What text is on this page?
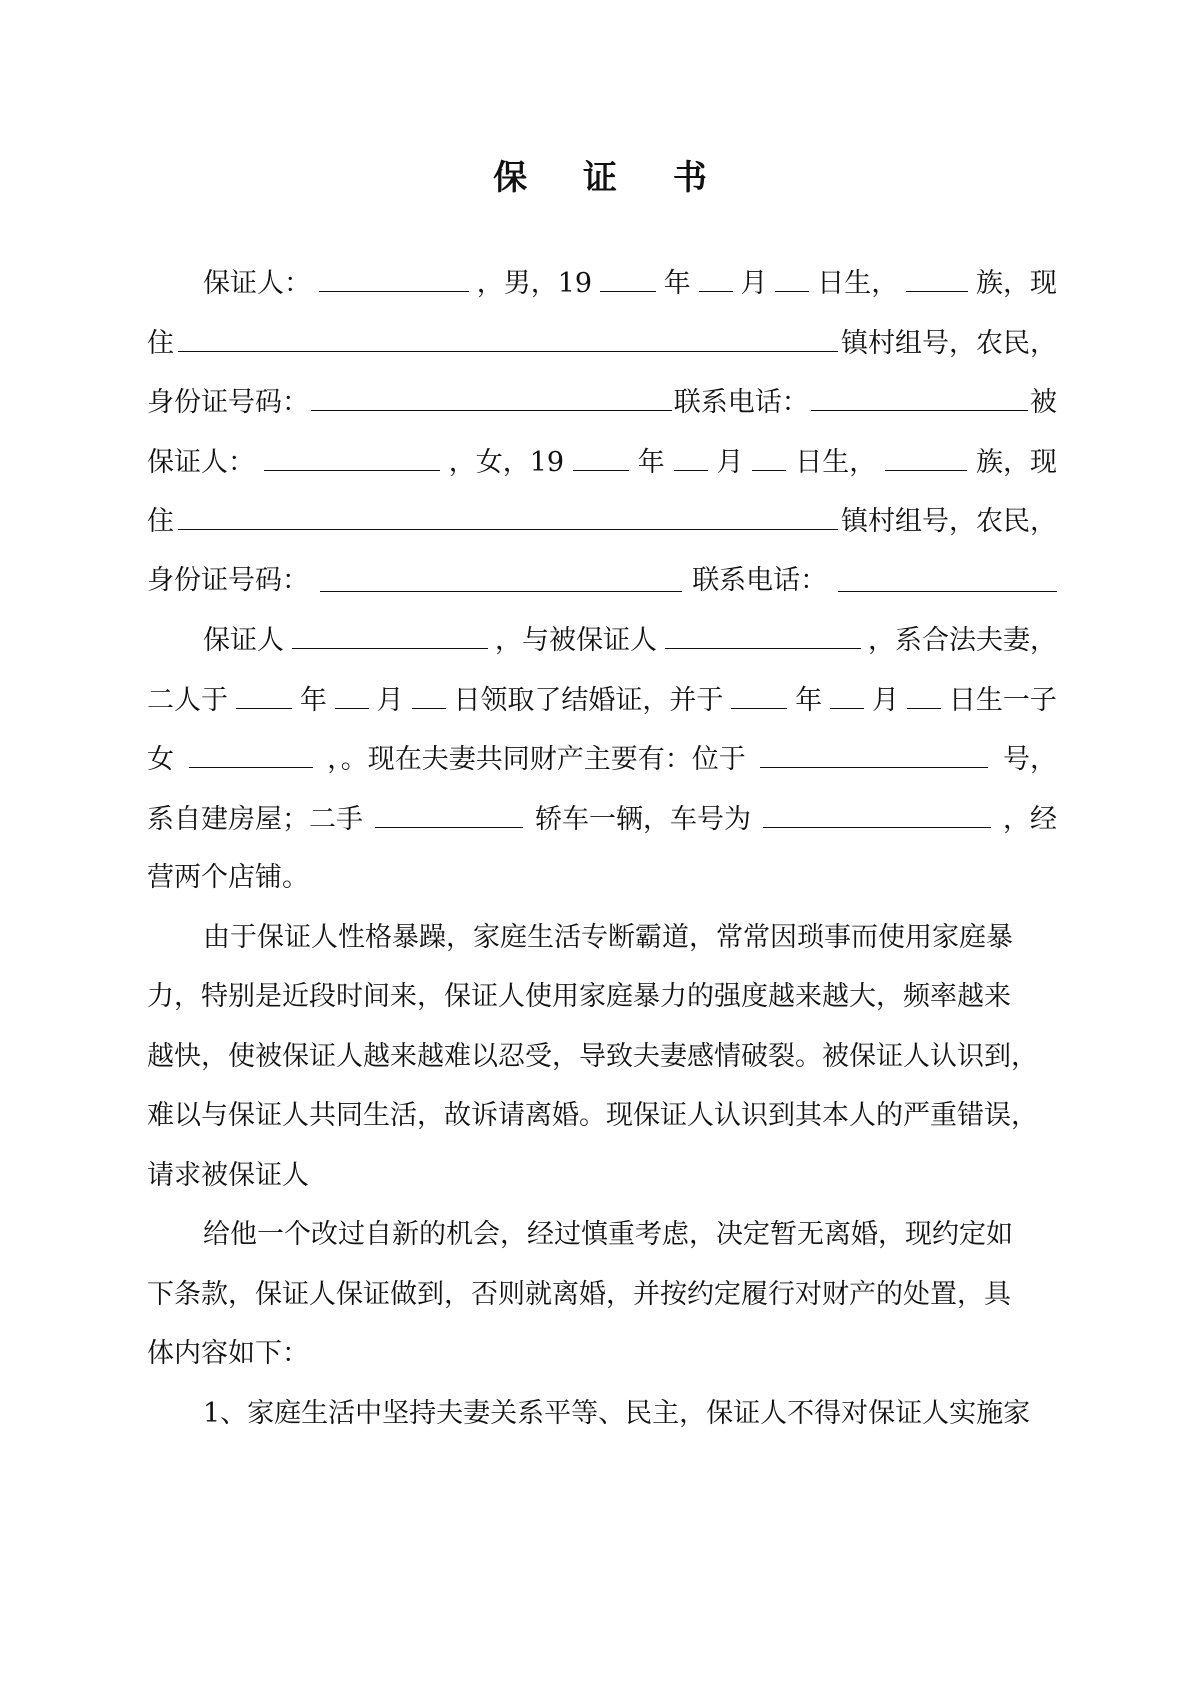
保 证 书
保证人：	，男，19	年 月 日生，	族，现
住	镇村组号，农民，
身份证号码：	联系电话：	被
保证人：	，女，19	年 月 日生，	族，现
住	镇村组号，农民，
身份证号码：	联系电话：
保证人	，与被保证人	，系合法夫妻，
二人于	年 月 日领取了结婚证，并于	年 月 日生一子
女	，。现在夫妻共同财产主要有：位于	号，
系自建房屋；二手	轿车一辆，车号为	，经
营两个店铺。
由于保证人性格暴躁，家庭生活专断霸道，常常因琐事而使用家庭暴
力，特别是近段时间来，保证人使用家庭暴力的强度越来越大，频率越来
越快，使被保证人越来越难以忍受，导致夫妻感情破裂。被保证人认识到，
难以与保证人共同生活，故诉请离婚。现保证人认识到其本人的严重错误，
请求被保证人
给他一个改过自新的机会，经过慎重考虑，决定暂无离婚，现约定如
下条款，保证人保证做到，否则就离婚，并按约定履行对财产的处置，具
体内容如下：
1、家庭生活中坚持夫妻关系平等、民主，保证人不得对保证人实施家
